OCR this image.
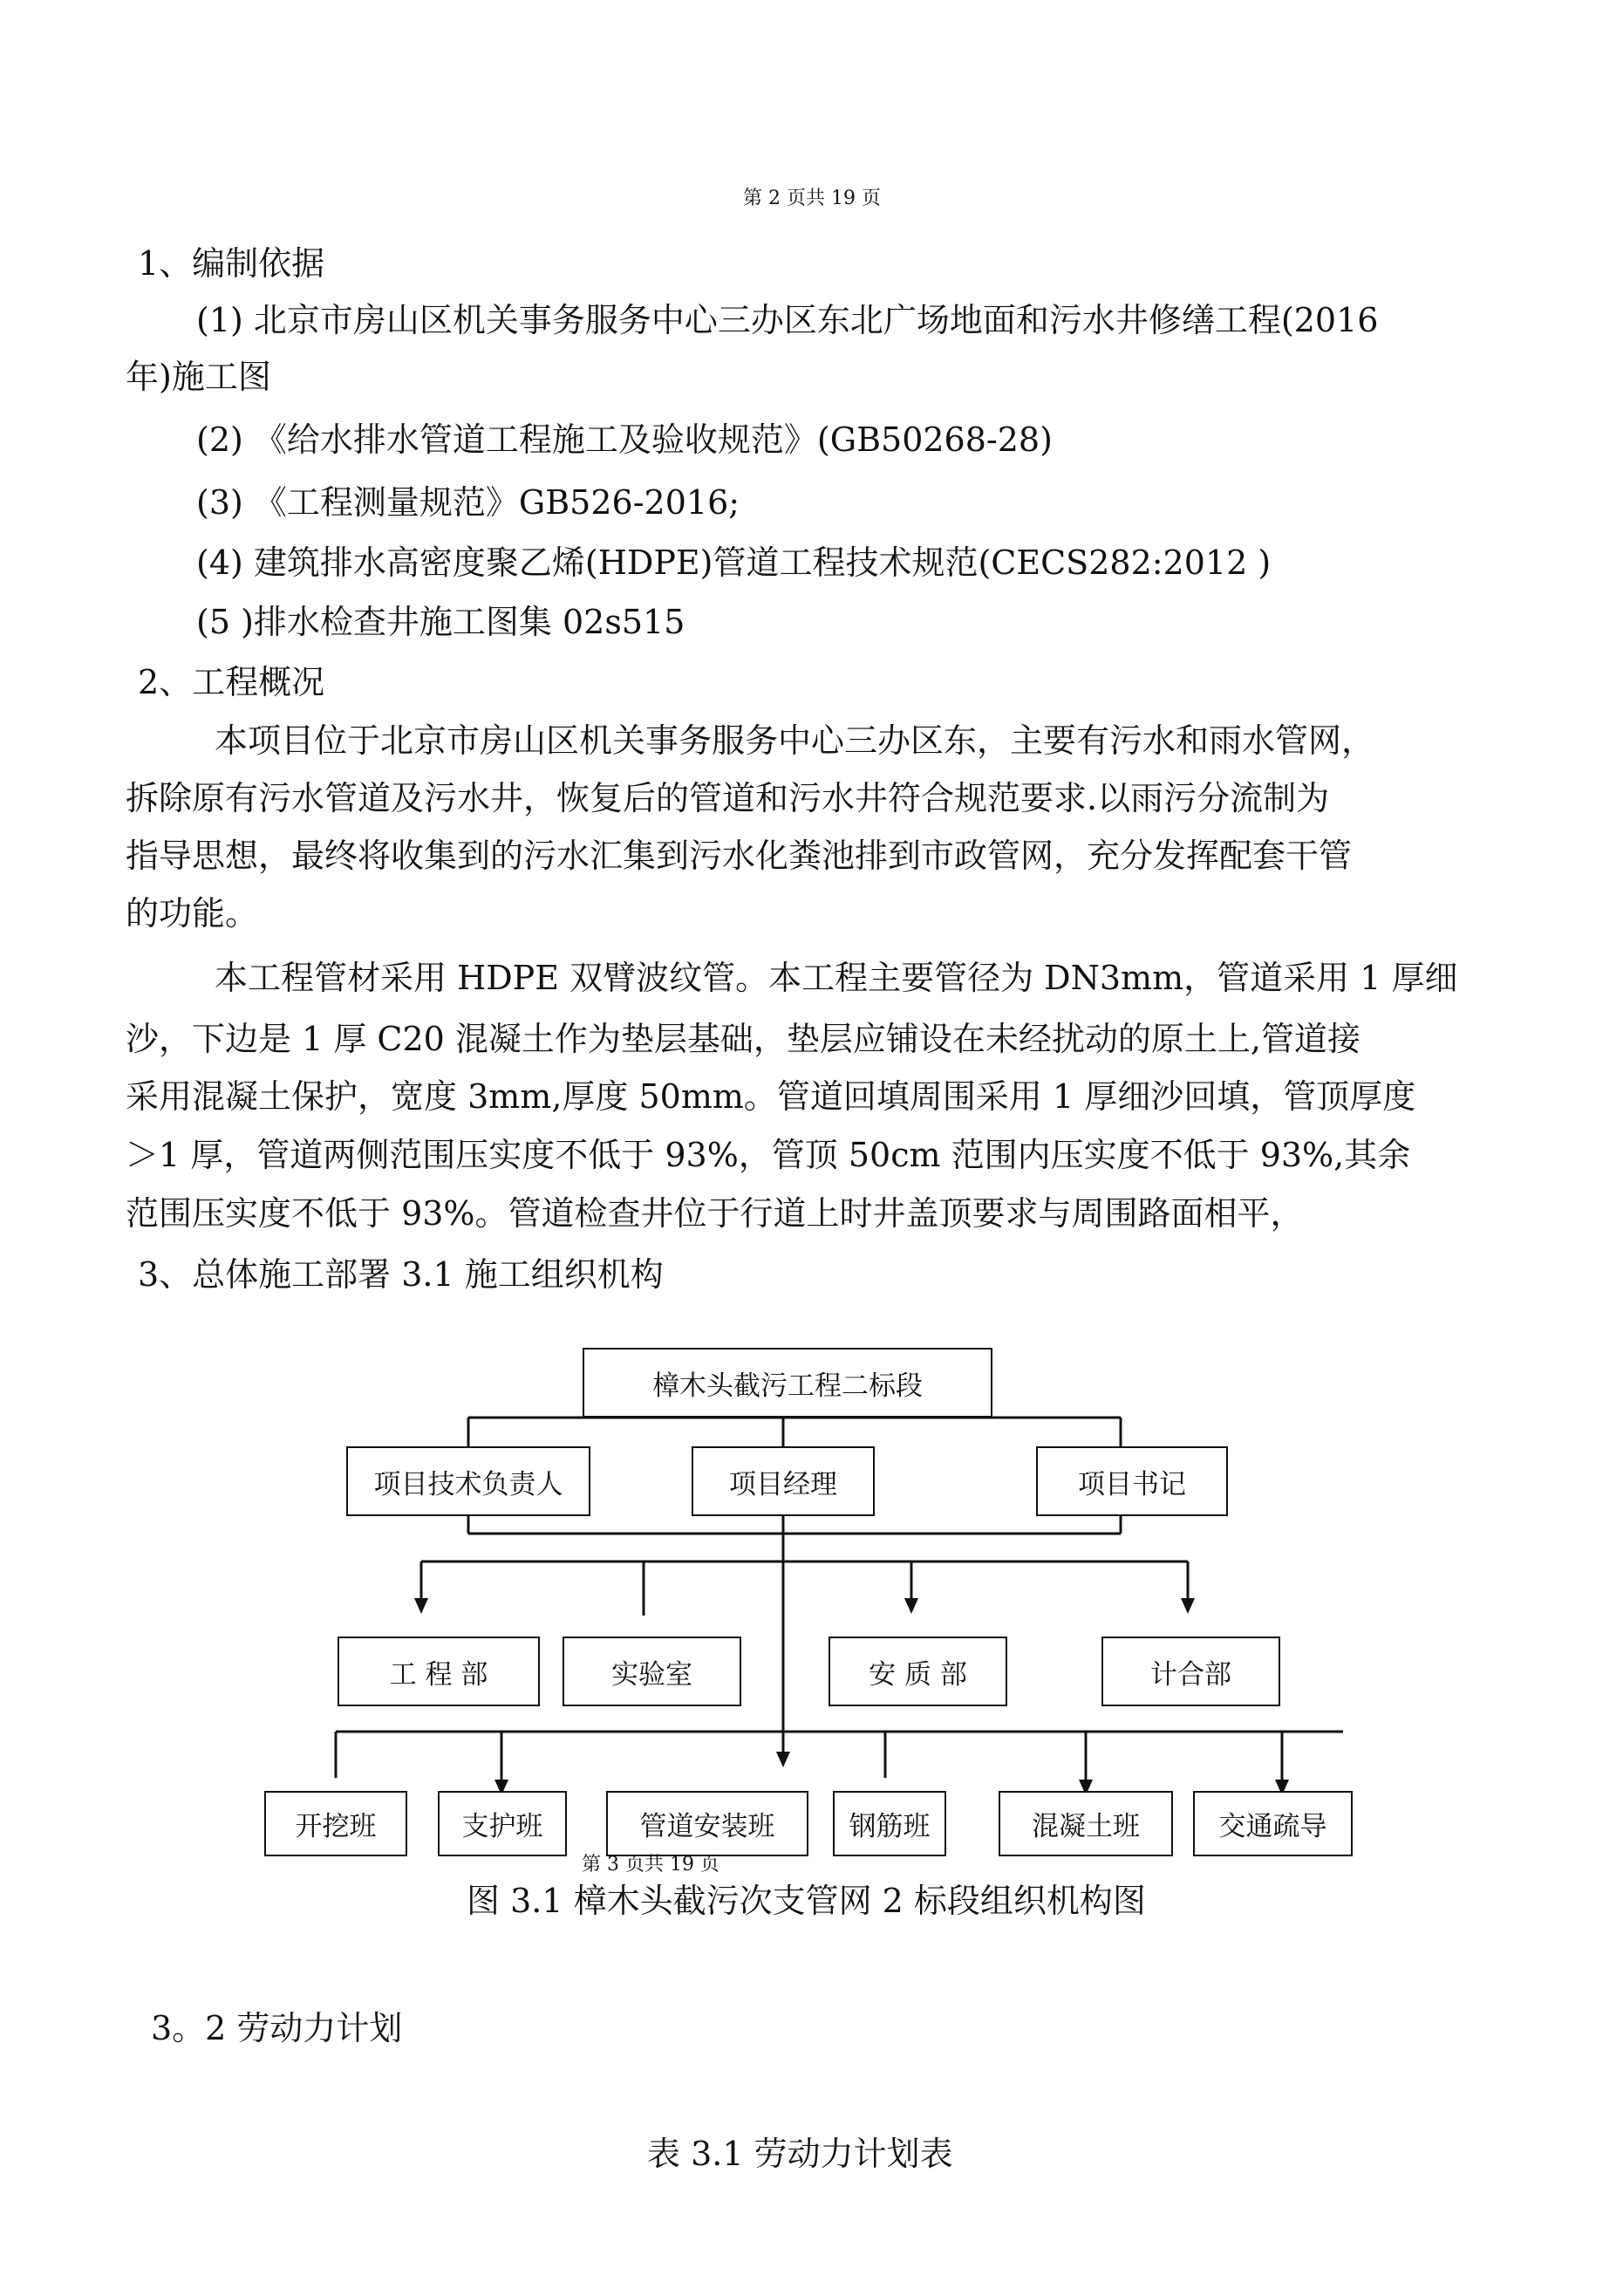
第 2 页共 19 页
1、编制依据
(1) 北京市房山区机关事务服务中心三办区东北广场地面和污水井修缮工程(2016
年)施工图
(2) 《给水排水管道工程施工及验收规范》(GB50268-28)
(3) 《工程测量规范》GB526-2016;
(4) 建筑排水高密度聚乙烯(HDPE)管道工程技术规范(CECS282:2012 )
(5 )排水检查井施工图集 02s515
2、工程概况
本项目位于北京市房山区机关事务服务中心三办区东，主要有污水和雨水管网，
拆除原有污水管道及污水井，恢复后的管道和污水井符合规范要求.以雨污分流制为
指导思想，最终将收集到的污水汇集到污水化粪池排到市政管网，充分发挥配套干管
的功能。
本工程管材采用 HDPE 双臂波纹管。本工程主要管径为 DN3mm，管道采用 1 厚细
沙，下边是 1 厚 C20 混凝土作为垫层基础，垫层应铺设在未经扰动的原土上,管道接
采用混凝土保护，宽度 3mm,厚度 50mm。管道回填周围采用 1 厚细沙回填，管顶厚度
＞1 厚，管道两侧范围压实度不低于 93%，管顶 50cm 范围内压实度不低于 93%,其余
范围压实度不低于 93%。管道检查井位于行道上时井盖顶要求与周围路面相平，
3、总体施工部署 3.1 施工组织机构
樟木头截污工程二标段
项目技术负责人	项目经理	项目书记
工 程 部	实验室	安 质 部	计合部
开挖班	支护班	管道安装班	钢筋班	混凝土班	交通疏导
第 3 页共 19 页
图 3.1 樟木头截污次支管网 2 标段组织机构图
3。2 劳动力计划
表 3.1 劳动力计划表
